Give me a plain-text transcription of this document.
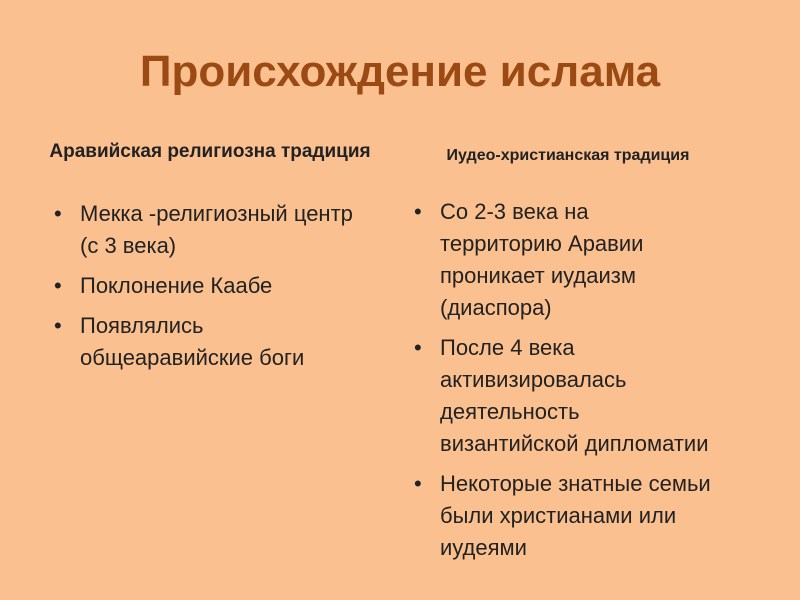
Происхождение ислама
Аравийская религиозна традиция
• Мекка -религиозный центр (с 3 века)
• Поклонение Каабе
• Появлялись общеаравийские боги
Иудео-христианская традиция
• Со 2-3 века на территорию Аравии проникает иудаизм (диаспора)
• После 4 века активизировалась деятельность византийской дипломатии
• Некоторые знатные семьи были христианами или иудеями
